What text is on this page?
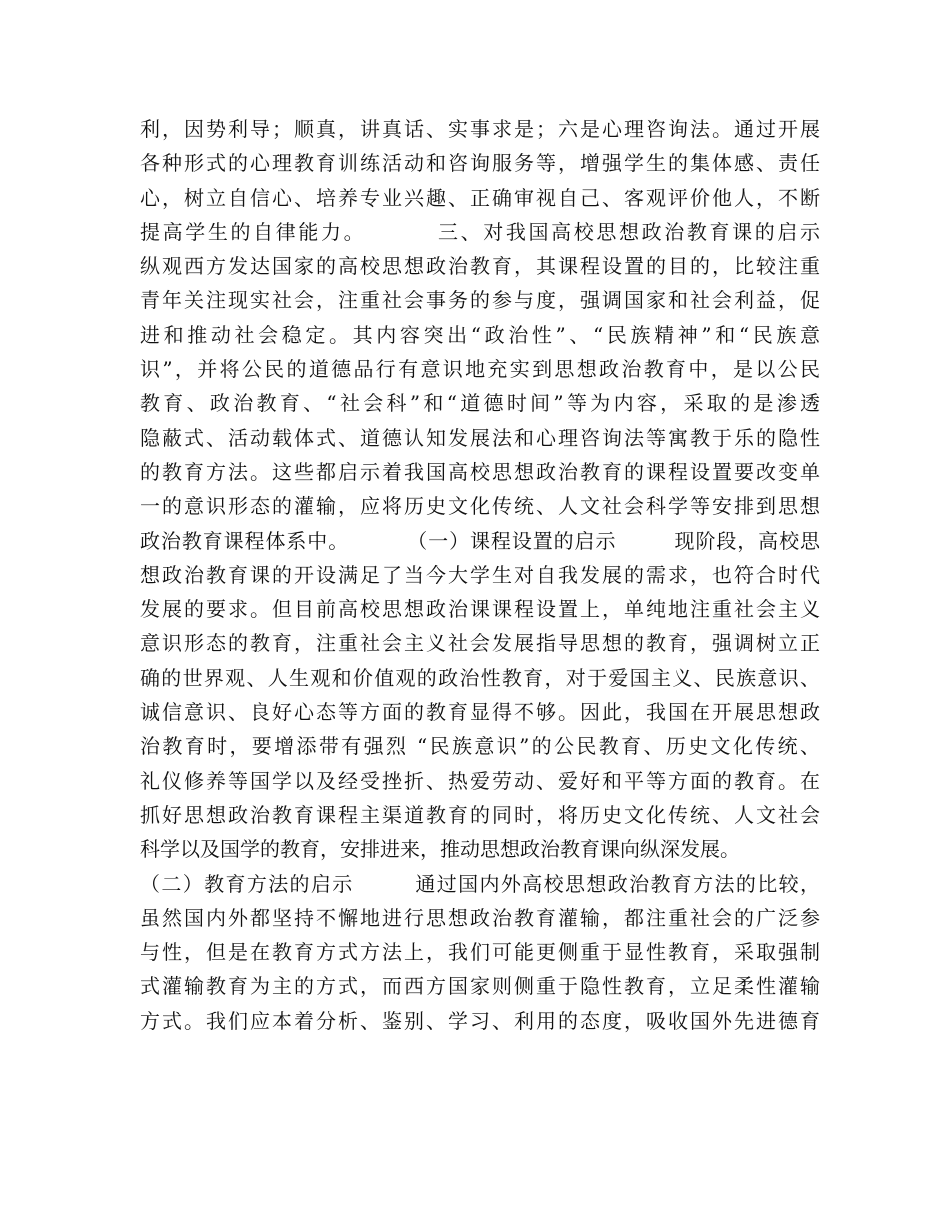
利，因势利导；顺真，讲真话、实事求是；六是心理咨询法。通过开展
各种形式的心理教育训练活动和咨询服务等，增强学生的集体感、责任
心，树立自信心、培养专业兴趣、正确审视自己、客观评价他人，不断
提高学生的自律能力。        三、对我国高校思想政治教育课的启示
纵观西方发达国家的高校思想政治教育，其课程设置的目的，比较注重
青年关注现实社会，注重社会事务的参与度，强调国家和社会利益，促
进和推动社会稳定。其内容突出“政治性”、“民族精神”和“民族意
识”，并将公民的道德品行有意识地充实到思想政治教育中，是以公民
教育、政治教育、“社会科”和“道德时间”等为内容，采取的是渗透
隐蔽式、活动载体式、道德认知发展法和心理咨询法等寓教于乐的隐性
的教育方法。这些都启示着我国高校思想政治教育的课程设置要改变单
一的意识形态的灌输，应将历史文化传统、人文社会科学等安排到思想
政治教育课程体系中。        （一）课程设置的启示        现阶段，高校思
想政治教育课的开设满足了当今大学生对自我发展的需求，也符合时代
发展的要求。但目前高校思想政治课课程设置上，单纯地注重社会主义
意识形态的教育，注重社会主义社会发展指导思想的教育，强调树立正
确的世界观、人生观和价值观的政治性教育，对于爱国主义、民族意识、
诚信意识、良好心态等方面的教育显得不够。因此，我国在开展思想政
治教育时，要增添带有强烈 “民族意识”的公民教育、历史文化传统、
礼仪修养等国学以及经受挫折、热爱劳动、爱好和平等方面的教育。在
抓好思想政治教育课程主渠道教育的同时，将历史文化传统、人文社会
科学以及国学的教育，安排进来，推动思想政治教育课向纵深发展。
（二）教育方法的启示        通过国内外高校思想政治教育方法的比较，
虽然国内外都坚持不懈地进行思想政治教育灌输，都注重社会的广泛参
与性，但是在教育方式方法上，我们可能更侧重于显性教育，采取强制
式灌输教育为主的方式，而西方国家则侧重于隐性教育，立足柔性灌输
方式。我们应本着分析、鉴别、学习、利用的态度，吸收国外先进德育
